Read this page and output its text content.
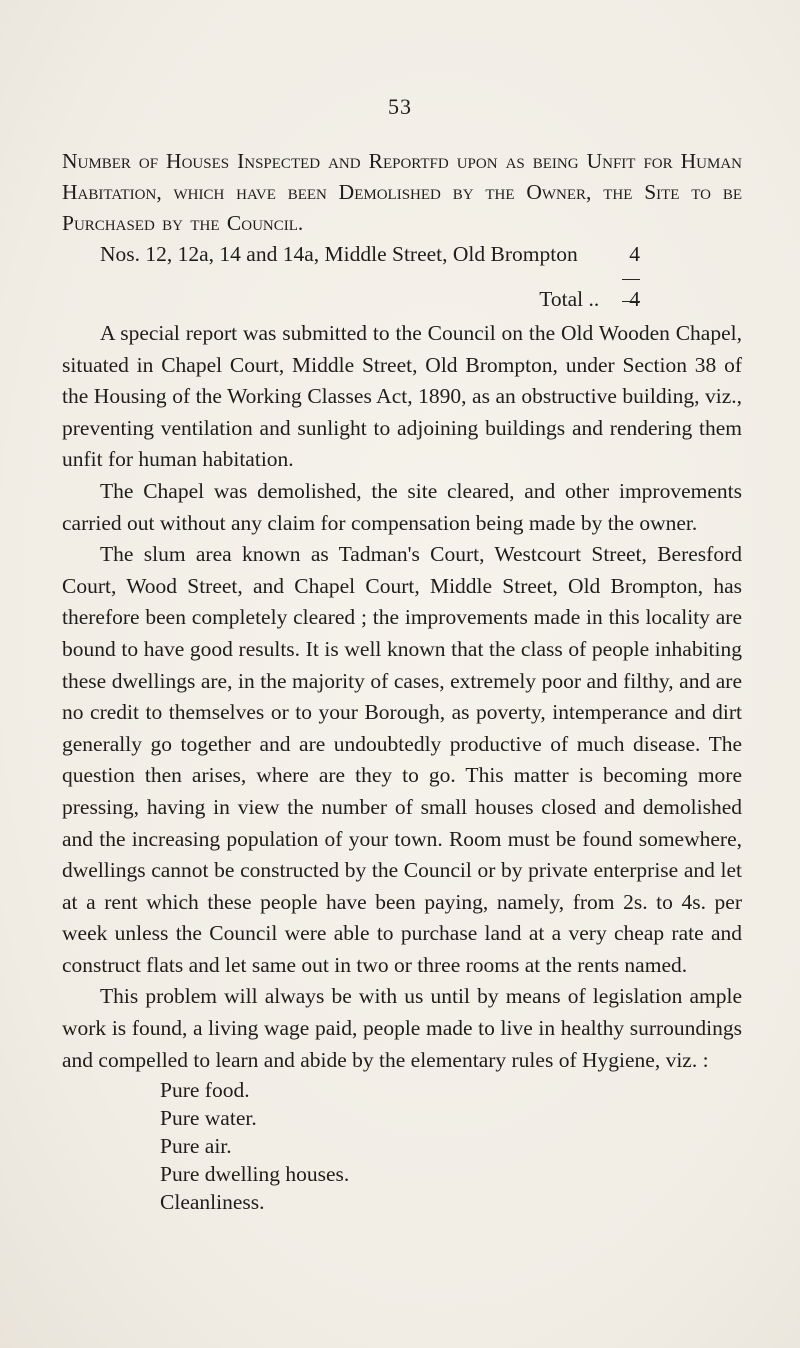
53
Number of Houses Inspected and Reportfd upon as being Unfit for Human Habitation, which have been Demolished by the Owner, the Site to be Purchased by the Council.
Nos. 12, 12a, 14 and 14a, Middle Street, Old Brompton 4
Total .. 4

A special report was submitted to the Council on the Old Wooden Chapel, situated in Chapel Court, Middle Street, Old Brompton, under Section 38 of the Housing of the Working Classes Act, 1890, as an obstructive building, viz., preventing ventilation and sunlight to adjoining buildings and rendering them unfit for human habitation.

The Chapel was demolished, the site cleared, and other improvements carried out without any claim for compensation being made by the owner.

The slum area known as Tadman's Court, Westcourt Street, Beresford Court, Wood Street, and Chapel Court, Middle Street, Old Brompton, has therefore been completely cleared ; the improvements made in this locality are bound to have good results. It is well known that the class of people inhabiting these dwellings are, in the majority of cases, extremely poor and filthy, and are no credit to themselves or to your Borough, as poverty, intemperance and dirt generally go together and are undoubtedly productive of much disease. The question then arises, where are they to go. This matter is becoming more pressing, having in view the number of small houses closed and demolished and the increasing population of your town. Room must be found somewhere, dwellings cannot be constructed by the Council or by private enterprise and let at a rent which these people have been paying, namely, from 2s. to 4s. per week unless the Council were able to purchase land at a very cheap rate and construct flats and let same out in two or three rooms at the rents named.

This problem will always be with us until by means of legislation ample work is found, a living wage paid, people made to live in healthy surroundings and compelled to learn and abide by the elementary rules of Hygiene, viz. :

Pure food.
Pure water.
Pure air.
Pure dwelling houses.
Cleanliness.
